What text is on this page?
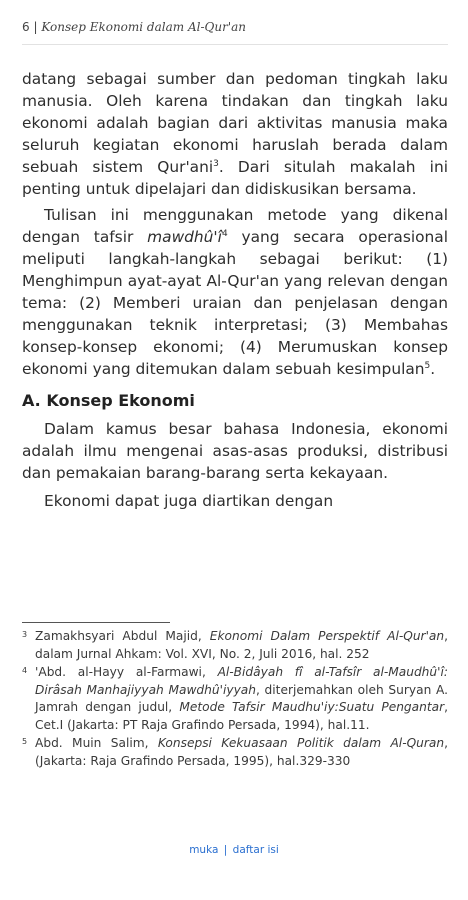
6 | Konsep Ekonomi dalam Al-Qur'an

datang sebagai sumber dan pedoman tingkah laku manusia. Oleh karena tindakan dan tingkah laku ekonomi adalah bagian dari aktivitas manusia maka seluruh kegiatan ekonomi haruslah berada dalam sebuah sistem Qur'ani$^3$. Dari situlah makalah ini penting untuk dipelajari dan didiskusikan bersama.

Tulisan ini menggunakan metode yang dikenal dengan tafsir $mawdhû'î^4$ yang secara operasional meliputi langkah-langkah sebagai berikut: (1) Menghimpun ayat-ayat Al-Qur'an yang relevan dengan tema: (2) Memberi uraian dan penjelasan dengan menggunakan teknik interpretasi; (3) Membahas konsep-konsep ekonomi; (4) Merumuskan konsep ekonomi yang ditemukan dalam sebuah kesimpulan$^5$.

A. Konsep Ekonomi

Dalam kamus besar bahasa Indonesia, ekonomi adalah ilmu mengenai asas-asas produksi, distribusi dan pemakaian barang-barang serta kekayaan.

Ekonomi dapat juga diartikan dengan

3 Zamakhsyari Abdul Majid, Ekonomi Dalam Perspektif Al-Qur'an, dalam Jurnal Ahkam: Vol. XVI, No. 2, Juli 2016, hal. 252
4 'Abd. al-Hayy al-Farmawi, Al-Bidâyah fî al-Tafsîr al-Maudhû'î: Dirâsah Manhajiyyah Mawdhû'iyyah, diterjemahkan oleh Suryan A. Jamrah dengan judul, Metode Tafsir Maudhu'iy:Suatu Pengantar, Cet.I (Jakarta: PT Raja Grafindo Persada, 1994), hal.11.
5 Abd. Muin Salim, Konsepsi Kekuasaan Politik dalam Al-Quran, (Jakarta: Raja Grafindo Persada, 1995), hal.329-330
muka | daftar isi
